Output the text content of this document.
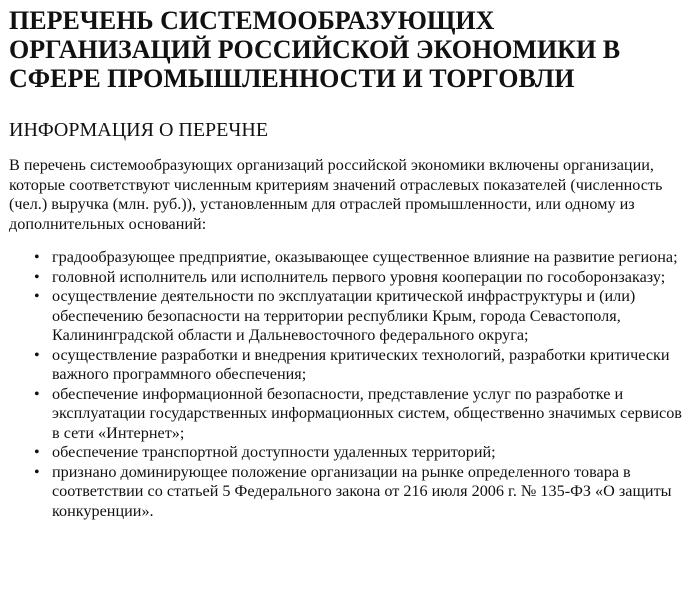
ПЕРЕЧЕНЬ СИСТЕМООБРАЗУЮЩИХ ОРГАНИЗАЦИЙ РОССИЙСКОЙ ЭКОНОМИКИ В СФЕРЕ ПРОМЫШЛЕННОСТИ И ТОРГОВЛИ
ИНФОРМАЦИЯ О ПЕРЕЧНЕ

В перечень системообразующих организаций российской экономики включены организации, которые соответствуют численным критериям значений отраслевых показателей (численность (чел.) выручка (млн. руб.)), установленным для отраслей промышленности, или одному из дополнительных оснований:

• градообразующее предприятие, оказывающее существенное влияние на развитие региона;
• головной исполнитель или исполнитель первого уровня кооперации по гособоронзаказу;
• осуществление деятельности по эксплуатации критической инфраструктуры и (или) обеспечению безопасности на территории республики Крым, города Севастополя, Калининградской области и Дальневосточного федерального округа;
• осуществление разработки и внедрения критических технологий, разработки критически важного программного обеспечения;
• обеспечение информационной безопасности, представление услуг по разработке и эксплуатации государственных информационных систем, общественно значимых сервисов в сети «Интернет»;
• обеспечение транспортной доступности удаленных территорий;
• признано доминирующее положение организации на рынке определенного товара в соответствии со статьей 5 Федерального закона от 216 июля 2006 г. № 135-ФЗ «О защиты конкуренции».
